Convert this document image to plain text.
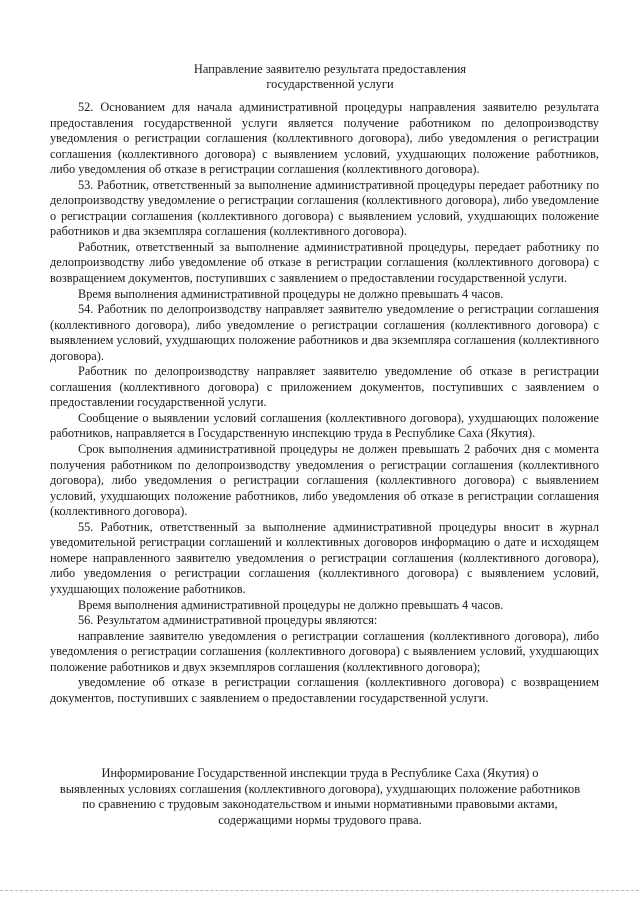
Направление заявителю результата предоставления
государственной услуги

52. Основанием для начала административной процедуры направления заявителю результата предоставления государственной услуги является получение работником по делопроизводству уведомления о регистрации соглашения (коллективного договора), либо уведомления о регистрации соглашения (коллективного договора) с выявлением условий, ухудшающих положение работников, либо уведомления об отказе в регистрации соглашения (коллективного договора).

53. Работник, ответственный за выполнение административной процедуры передает работнику по делопроизводству уведомление о регистрации соглашения (коллективного договора), либо уведомление о регистрации соглашения (коллективного договора) с выявлением условий, ухудшающих положение работников и два экземпляра соглашения (коллективного договора).

Работник, ответственный за выполнение административной процедуры, передает работнику по делопроизводству либо уведомление об отказе в регистрации соглашения (коллективного договора) с возвращением документов, поступивших с заявлением о предоставлении государственной услуги.

Время выполнения административной процедуры не должно превышать 4 часов.

54. Работник по делопроизводству направляет заявителю уведомление о регистрации соглашения (коллективного договора), либо уведомление о регистрации соглашения (коллективного договора) с выявлением условий, ухудшающих положение работников и два экземпляра соглашения (коллективного договора).

Работник по делопроизводству направляет заявителю уведомление об отказе в регистрации соглашения (коллективного договора) с приложением документов, поступивших с заявлением о предоставлении государственной услуги.

Сообщение о выявлении условий соглашения (коллективного договора), ухудшающих положение работников, направляется в Государственную инспекцию труда в Республике Саха (Якутия).

Срок выполнения административной процедуры не должен превышать 2 рабочих дня с момента получения работником по делопроизводству уведомления о регистрации соглашения (коллективного договора), либо уведомления о регистрации соглашения (коллективного договора) с выявлением условий, ухудшающих положение работников, либо уведомления об отказе в регистрации соглашения (коллективного договора).

55. Работник, ответственный за выполнение административной процедуры вносит в журнал уведомительной регистрации соглашений и коллективных договоров информацию о дате и исходящем номере направленного заявителю уведомления о регистрации соглашения (коллективного договора), либо уведомления о регистрации соглашения (коллективного договора) с выявлением условий, ухудшающих положение работников.

Время выполнения административной процедуры не должно превышать 4 часов.

56. Результатом административной процедуры являются:

направление заявителю уведомления о регистрации соглашения (коллективного договора), либо уведомления о регистрации соглашения (коллективного договора) с выявлением условий, ухудшающих положение работников и двух экземпляров соглашения (коллективного договора);

уведомление об отказе в регистрации соглашения (коллективного договора) с возвращением документов, поступивших с заявлением о предоставлении государственной услуги.

Информирование Государственной инспекции труда в Республике Саха (Якутия) о
выявленных условиях соглашения (коллективного договора), ухудшающих положение работников
по сравнению с трудовым законодательством и иными нормативными правовыми актами,
содержащими нормы трудового права.
